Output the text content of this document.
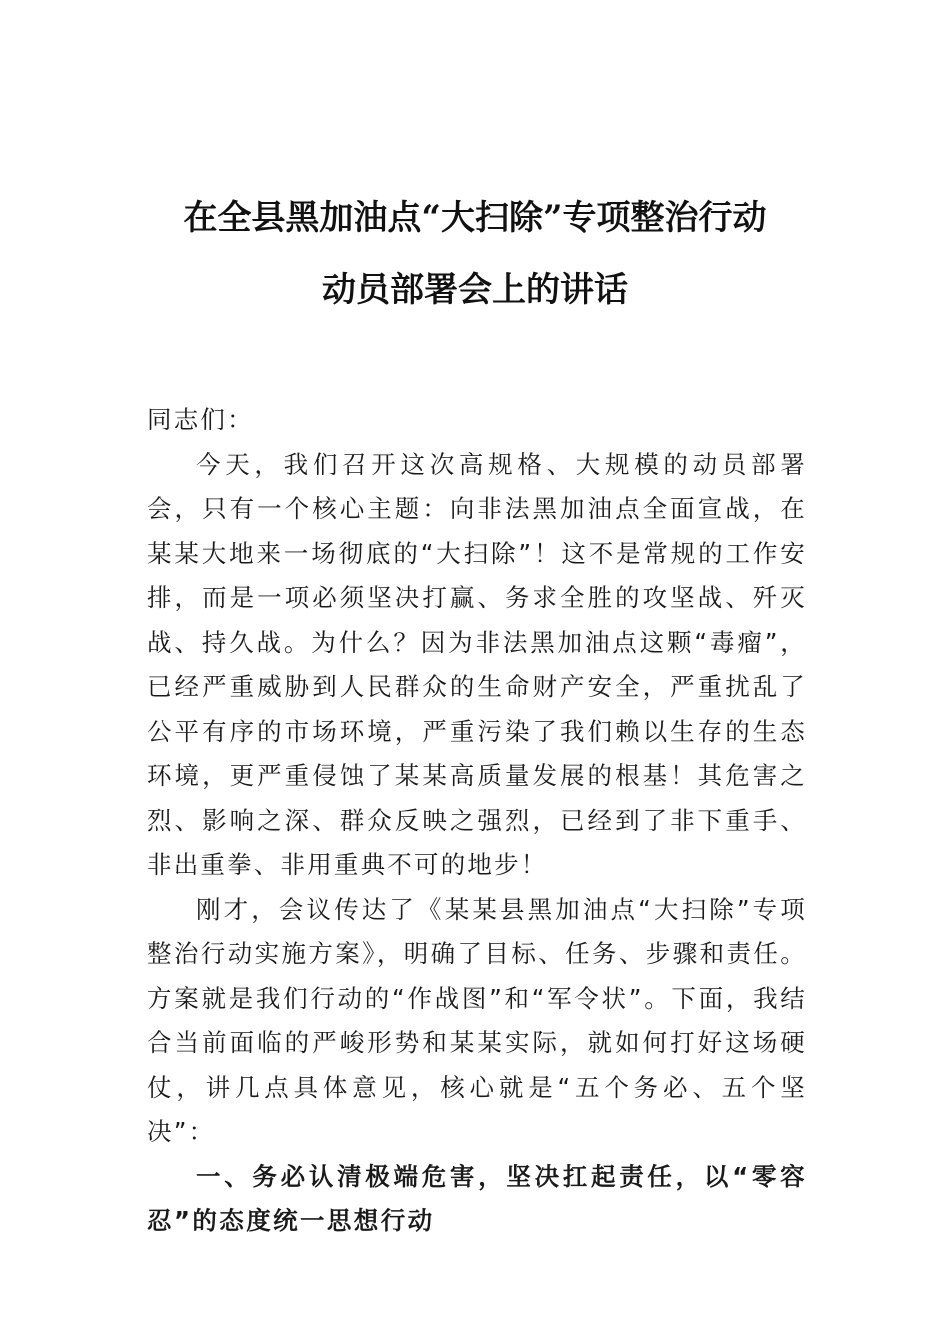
在全县黑加油点“大扫除”专项整治行动
动员部署会上的讲话

同志们：

今天，我们召开这次高规格、大规模的动员部署会，只有一个核心主题：向非法黑加油点全面宣战，在某某大地来一场彻底的“大扫除”！这不是常规的工作安排，而是一项必须坚决打赢、务求全胜的攻坚战、歼灭战、持久战。为什么？因为非法黑加油点这颗“毒瘤”，已经严重威胁到人民群众的生命财产安全，严重扰乱了公平有序的市场环境，严重污染了我们赖以生存的生态环境，更严重侵蚀了某某高质量发展的根基！其危害之烈、影响之深、群众反映之强烈，已经到了非下重手、非出重拳、非用重典不可的地步！

刚才，会议传达了《某某县黑加油点“大扫除”专项整治行动实施方案》，明确了目标、任务、步骤和责任。方案就是我们行动的“作战图”和“军令状”。下面，我结合当前面临的严峻形势和某某实际，就如何打好这场硬仗，讲几点具体意见，核心就是“五个务必、五个坚决”：

一、务必认清极端危害，坚决扛起责任，以“零容忍”的态度统一思想行动
